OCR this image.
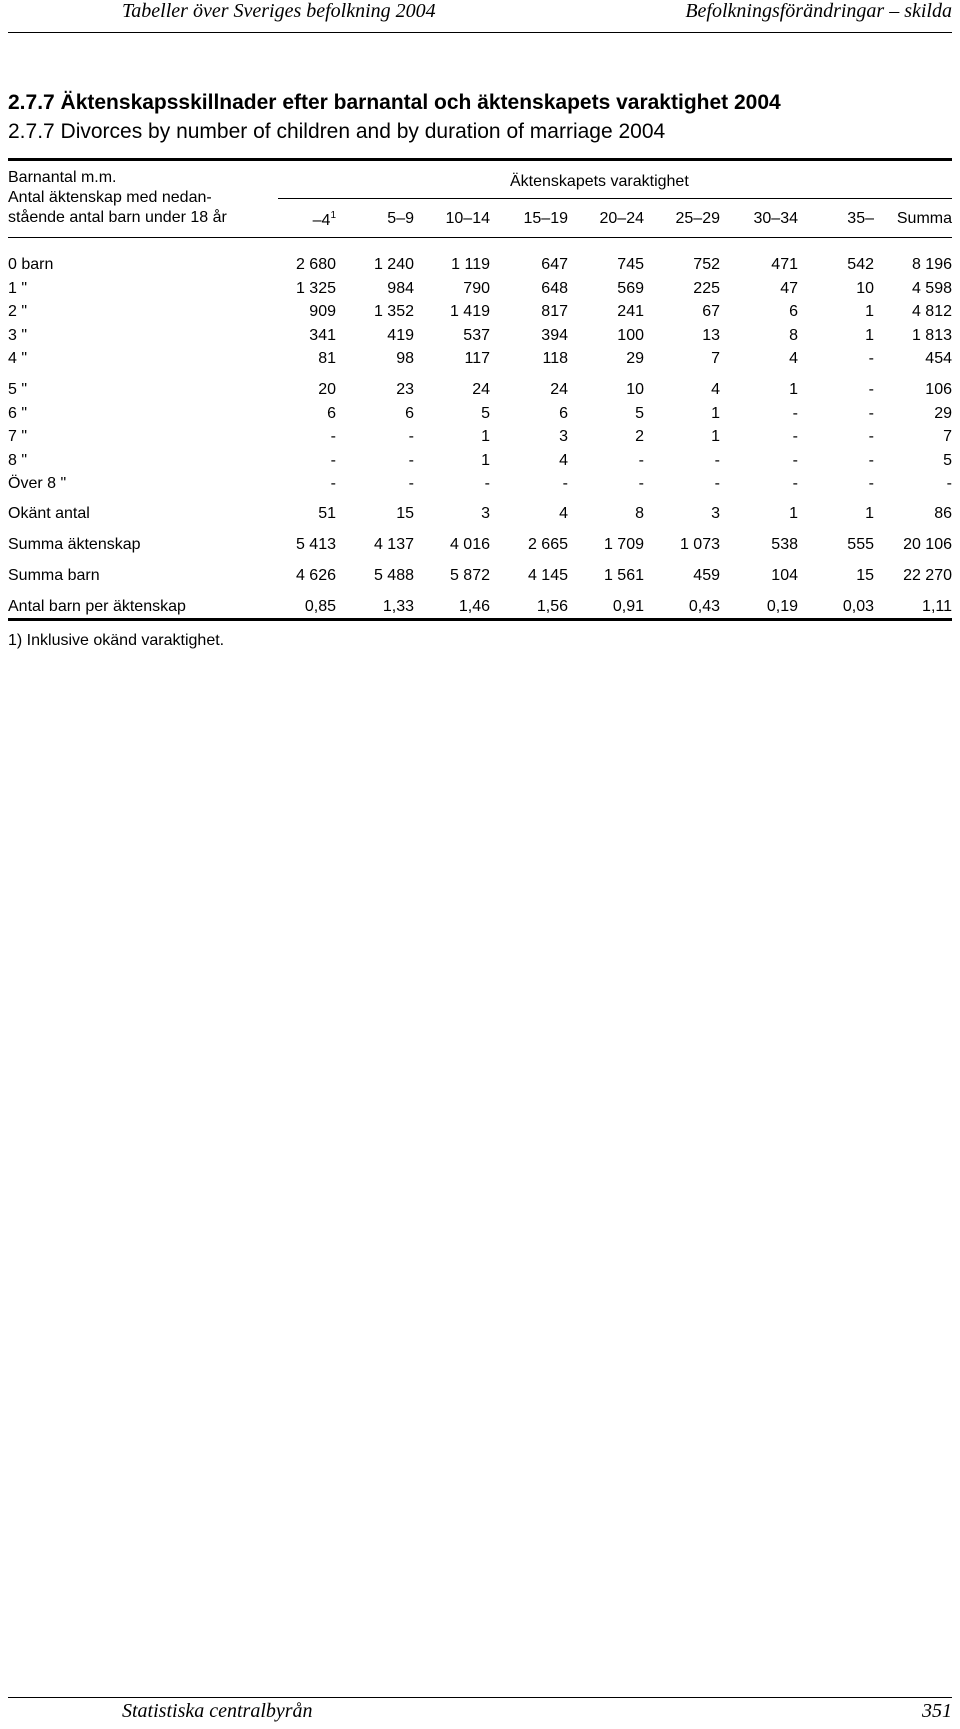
Tabeller över Sveriges befolkning 2004	Befolkningsförändringar – skilda
2.7.7 Äktenskapsskillnader efter barnantal och äktenskapets varaktighet 2004
2.7.7 Divorces by number of children and by duration of marriage 2004
Barnantal m.m.
Antal äktenskap med nedan-
stående antal barn under 18 år
Äktenskapets varaktighet
$-4^1$	5–9 10–14 15–19 20–24 25–29 30–34	35– Summa
0 barn	2 680	1 240	1 119	647	745	752	471	542	8 196
1 "	1 325	984	790	648	569	225	47	10	4 598
2 "	909	1 352	1 419	817	241	67	6	1	4 812
3 "	341	419	537	394	100	13	8	1	1 813
4 "	81	98	117	118	29	7	4	-	454
5 "	20	23	24	24	10	4	1	-	106
6 "	6	6	5	6	5	1	-	-	29
7 "	-	-	1	3	2	1	-	-	7
8 "	-	-	1	4	-	-	-	-	5
Över 8 "	-	-	-	-	-	-	-	-	-
Okänt antal	51	15	3	4	8	3	1	1	86
Summa äktenskap	5 413	4 137	4 016	2 665	1 709	1 073	538	555	20 106
Summa barn	4 626	5 488	5 872	4 145	1 561	459	104	15	22 270
Antal barn per äktenskap	0,85	1,33	1,46	1,56	0,91	0,43	0,19	0,03	1,11
1) Inklusive okänd varaktighet.
Statistiska centralbyrån	351
